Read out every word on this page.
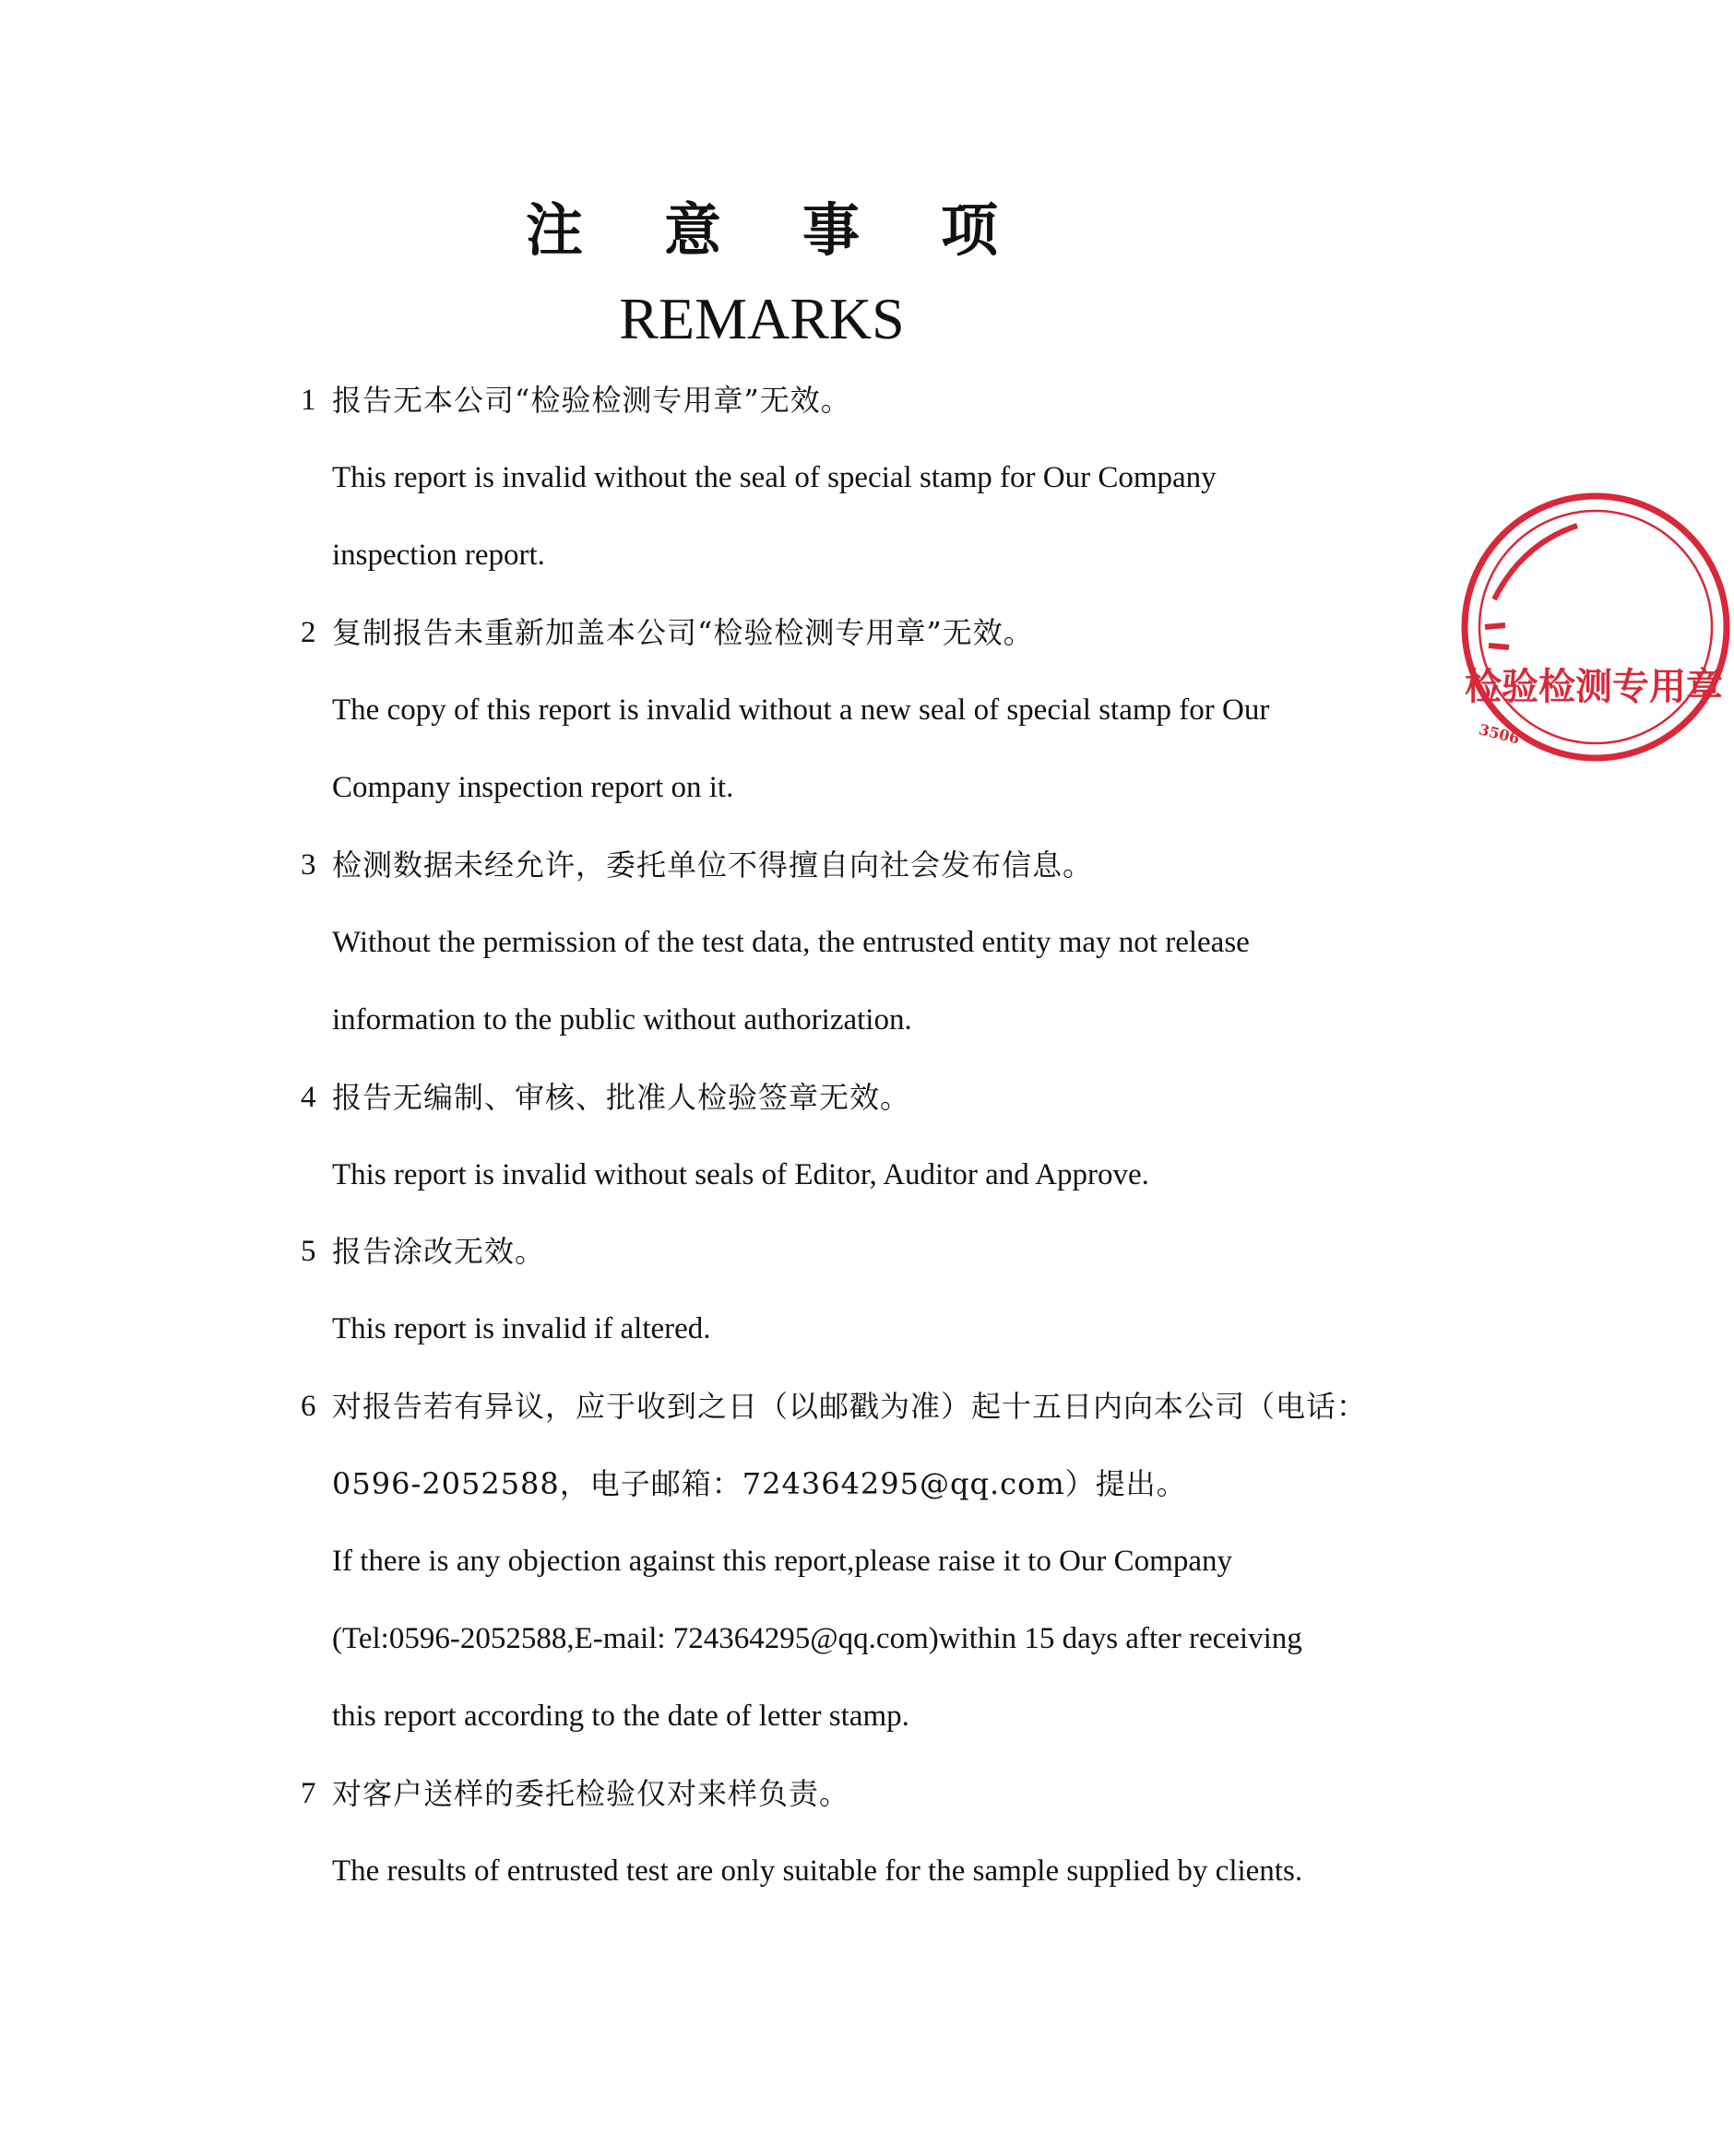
注 意 事 项
REMARKS
1 报告无本公司“检验检测专用章”无效。
This report is invalid without the seal of special stamp for Our Company
inspection report.
2 复制报告未重新加盖本公司“检验检测专用章”无效。
The copy of this report is invalid without a new seal of special stamp for Our
Company inspection report on it.
3 检测数据未经允许，委托单位不得擅自向社会发布信息。
Without the permission of the test data, the entrusted entity may not release
information to the public without authorization.
4 报告无编制、审核、批准人检验签章无效。
This report is invalid without seals of Editor, Auditor and Approve.
5 报告涂改无效。
This report is invalid if altered.
6 对报告若有异议，应于收到之日（以邮戳为准）起十五日内向本公司（电话：
0596-2052588，电子邮箱：724364295@qq.com）提出。
If there is any objection against this report,please raise it to Our Company
(Tel:0596-2052588,E-mail: 724364295@qq.com)within 15 days after receiving
this report according to the date of letter stamp.
7 对客户送样的委托检验仅对来样负责。
The results of entrusted test are only suitable for the sample supplied by clients.
检验检测专用章
3506
